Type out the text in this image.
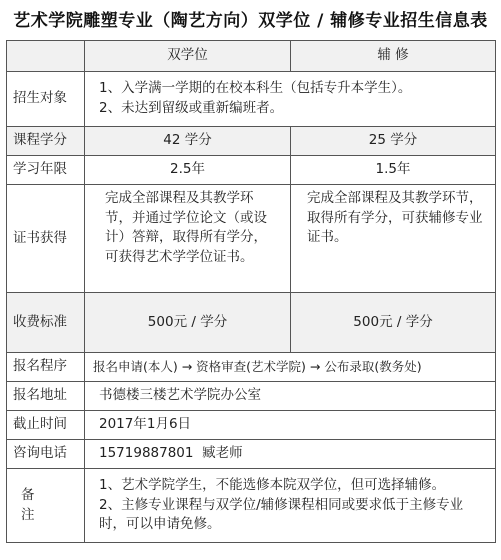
艺术学院雕塑专业（陶艺方向）双学位 / 辅修专业招生信息表
	双学位	辅 修
招生对象	1、入学满一学期的在校本科生（包括专升本学生）。
2、未达到留级或重新编班者。	

课程学分	42 学分	25 学分
学习年限	2.5年	1.5年
证书获得	完成全部课程及其教学环节，并通过学位论文（或设计）答辩，取得所有学分，可获得艺术学学位证书。	完成全部课程及其教学环节，取得所有学分，可获辅修专业证书。

收费标准	500元 / 学分	500元 / 学分
报名程序	报名申请(本人) → 资格审查(艺术学院) → 公布录取(教务处)	
报名地址	书德楼三楼艺术学院办公室	
截止时间	2017年1月6日	
咨询电话	15719887801  臧老师	
备注	1、艺术学院学生，不能选修本院双学位，但可选择辅修。
2、主修专业课程与双学位/辅修课程相同或要求低于主修专业时，可以申请免修。	
